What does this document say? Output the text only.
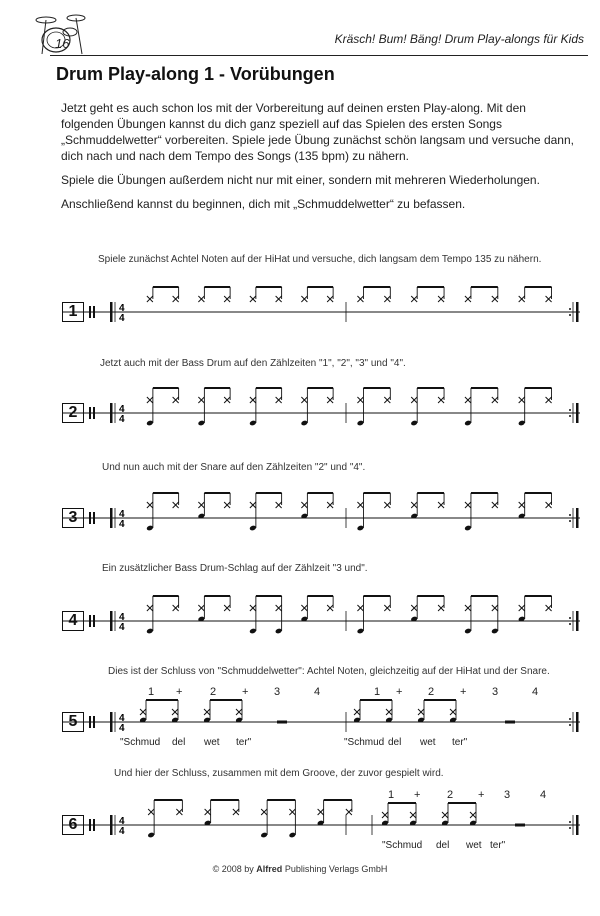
16	Kräsch! Bum! Bäng! Drum Play-alongs für Kids
Drum Play-along 1 - Vorübungen

Jetzt geht es auch schon los mit der Vorbereitung auf deinen ersten Play-along. Mit den folgenden Übungen kannst du dich ganz speziell auf das Spielen des ersten Songs „Schmuddelwetter“ vorbereiten. Spiele jede Übung zunächst schön langsam und versuche dann, dich nach und nach dem Tempo des Songs (135 bpm) zu nähern.

Spiele die Übungen außerdem nicht nur mit einer, sondern mit mehreren Wiederholungen.

Anschließend kannst du beginnen, dich mit „Schmuddelwetter“ zu befassen.

Spiele zunächst Achtel Noten auf der HiHat und versuche, dich langsam dem Tempo 135 zu nähern.
1	4
4
Jetzt auch mit der Bass Drum auf den Zählzeiten "1", "2", "3" und "4".
2	4
4
Und nun auch mit der Snare auf den Zählzeiten "2" und "4".
3	4
4
Ein zusätzlicher Bass Drum-Schlag auf der Zählzeit "3 und".
4	4
4
Dies ist der Schluss von "Schmuddelwetter": Achtel Noten, gleichzeitig auf der HiHat und der Snare.
5
1 +	2 + 3	4	1 + 2 + 3	4
"Schmud del wet ter"	"Schmud del wet ter"
4
4
Und hier der Schluss, zusammen mit dem Groove, der zuvor gespielt wird.
6
1 + 2 + 3	4
"Schmud del wet ter"
4
4
© 2008 by Alfred Publishing Verlags GmbH
